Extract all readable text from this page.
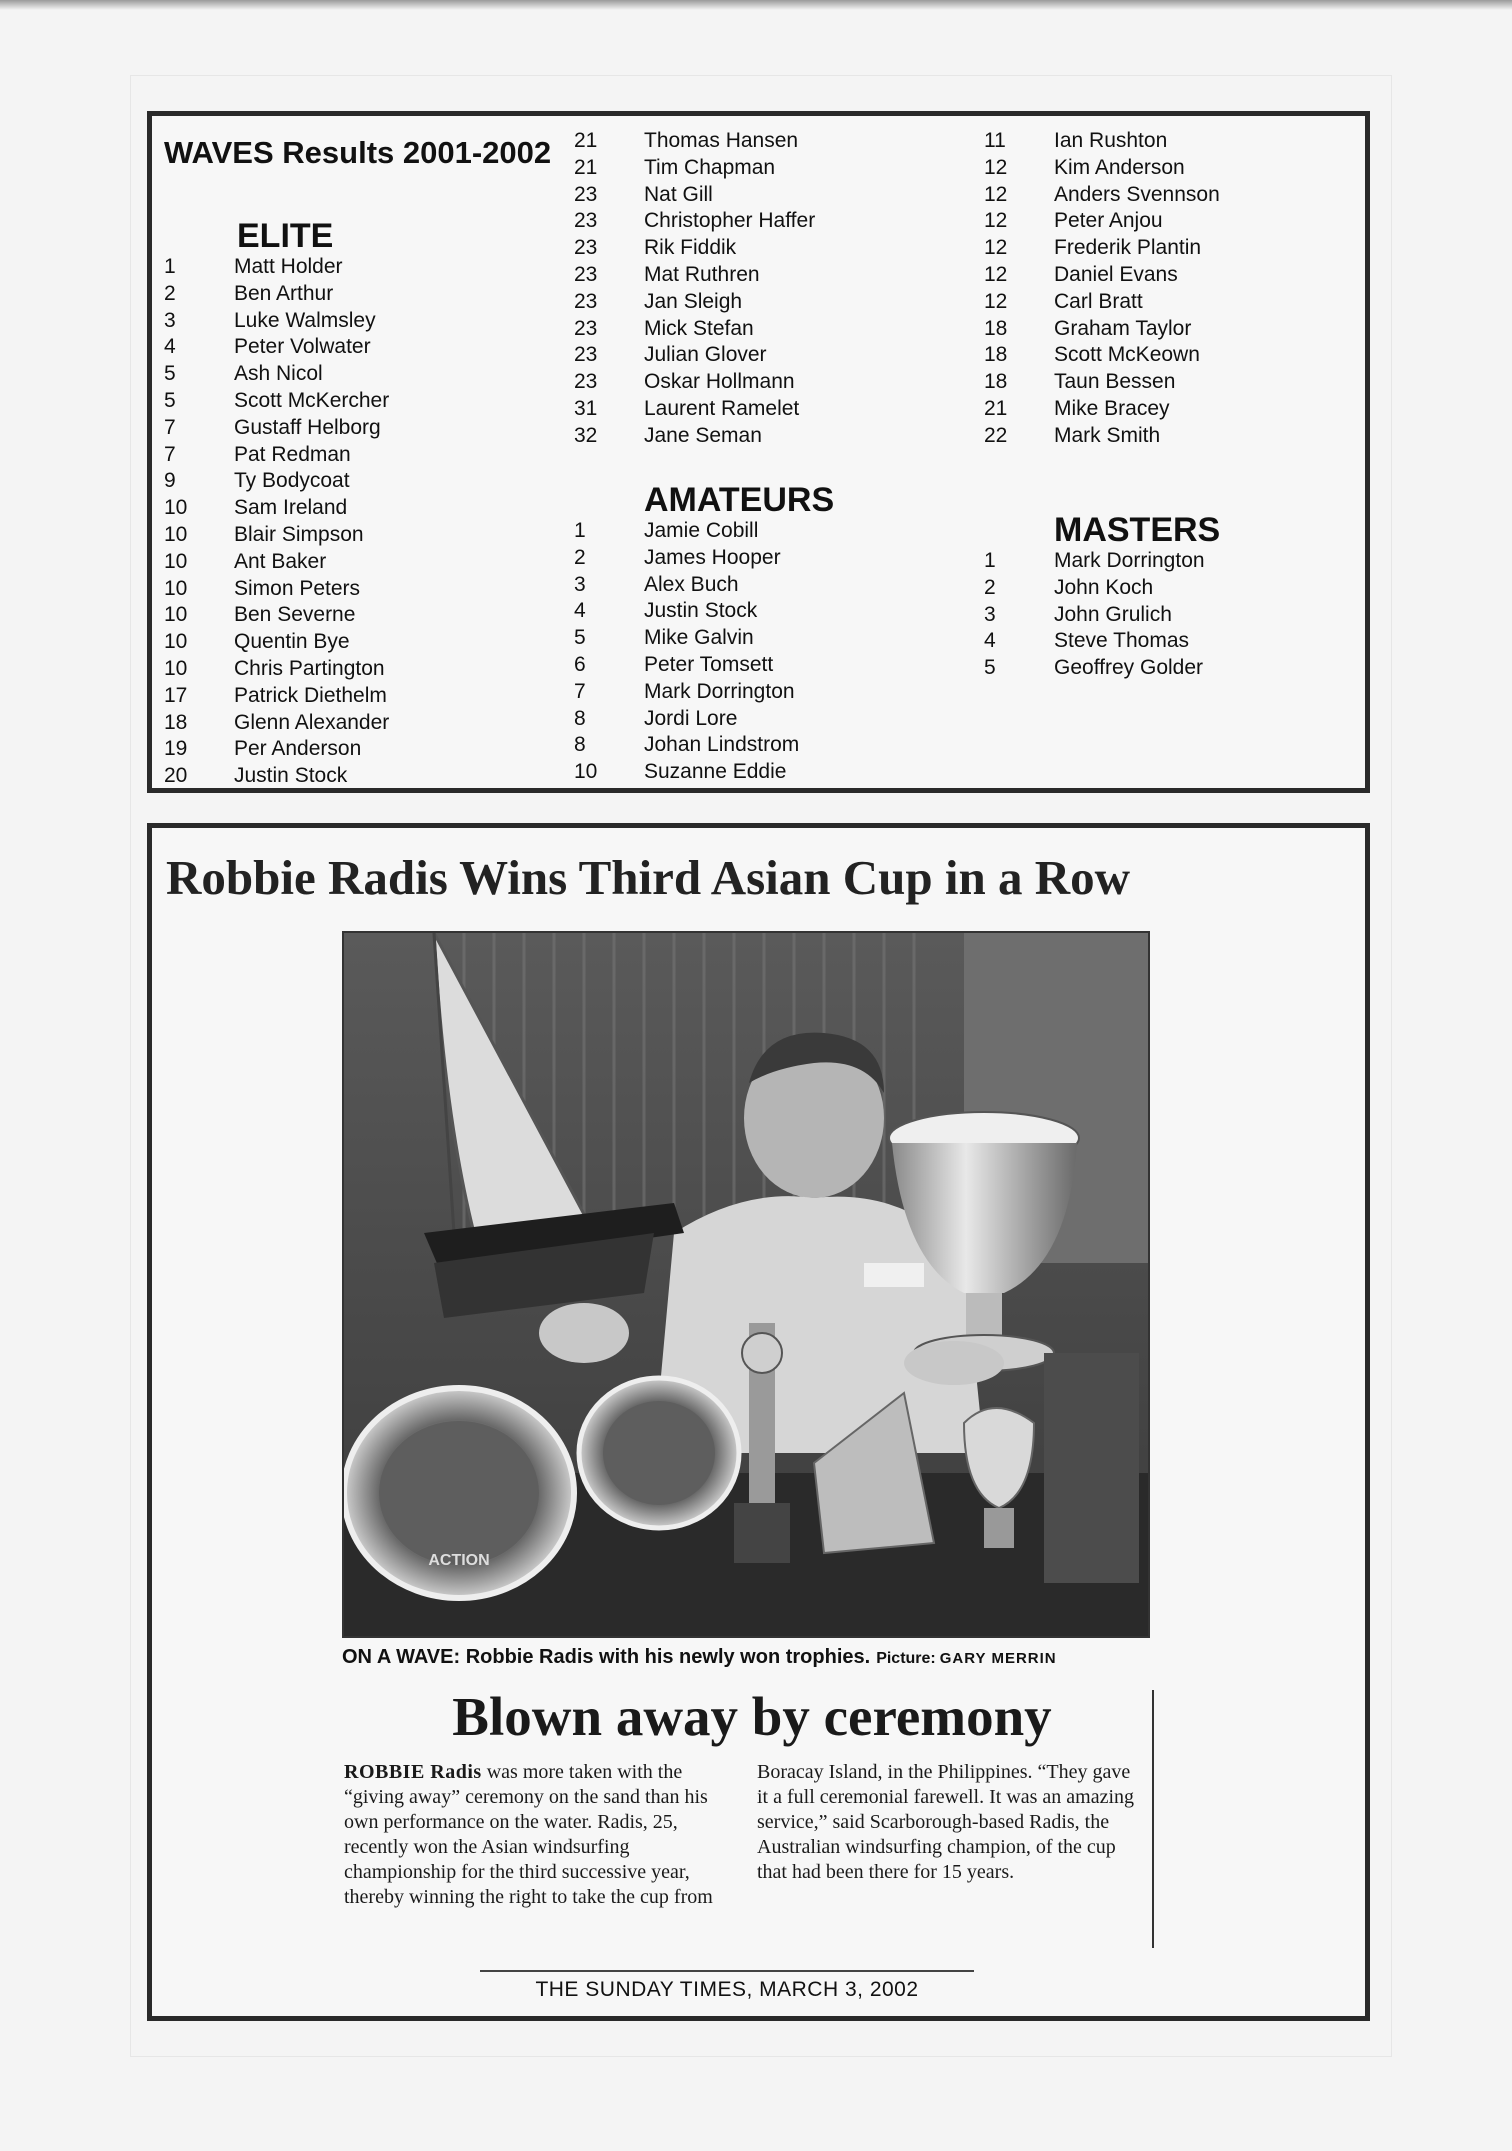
WAVES Results 2001-2002
ELITE
1	Matt Holder
2	Ben Arthur
3	Luke Walmsley
4	Peter Volwater
5	Ash Nicol
5	Scott McKercher
7	Gustaff Helborg
7	Pat Redman
9	Ty Bodycoat
10 Sam Ireland
10 Blair Simpson
10 Ant Baker
10 Simon Peters
10 Ben Severne
10 Quentin Bye
10 Chris Partington
17 Patrick Diethelm
18 Glenn Alexander
19 Per Anderson
20 Justin Stock
21 Thomas Hansen
21 Tim Chapman
23 Nat Gill
23 Christopher Haffer
23 Rik Fiddik
23 Mat Ruthren
23 Jan Sleigh
23 Mick Stefan
23 Julian Glover
23 Oskar Hollmann
31 Laurent Ramelet
32 Jane Seman
AMATEURS
1	Jamie Cobill
2	James Hooper
3	Alex Buch
4	Justin Stock
5	Mike Galvin
6	Peter Tomsett
7	Mark Dorrington
8	Jordi Lore
8	Johan Lindstrom
10 Suzanne Eddie
11 Ian Rushton
12 Kim Anderson
12 Anders Svennson
12 Peter Anjou
12 Frederik Plantin
12 Daniel Evans
12 Carl Bratt
18 Graham Taylor
18 Scott McKeown
18 Taun Bessen
21 Mike Bracey
22 Mark Smith
MASTERS
1	Mark Dorrington
2	John Koch
3	John Grulich
4	Steve Thomas
5	Geoffrey Golder
Robbie Radis Wins Third Asian Cup in a Row
ACTION

ON A WAVE: Robbie Radis with his newly won trophies. Picture: GARY MERRIN

Blown away by ceremony

ROBBIE Radis was more taken with the “giving away” ceremony on the sand than his own performance on the water. Radis, 25, recently won the Asian windsurfing championship for the third successive year, thereby winning the right to take the cup from

Boracay Island, in the Philippines. “They gave it a full ceremonial farewell. It was an amazing service,” said Scarborough-based Radis, the Australian windsurfing champion, of the cup that had been there for 15 years.

THE SUNDAY TIMES, MARCH 3, 2002
